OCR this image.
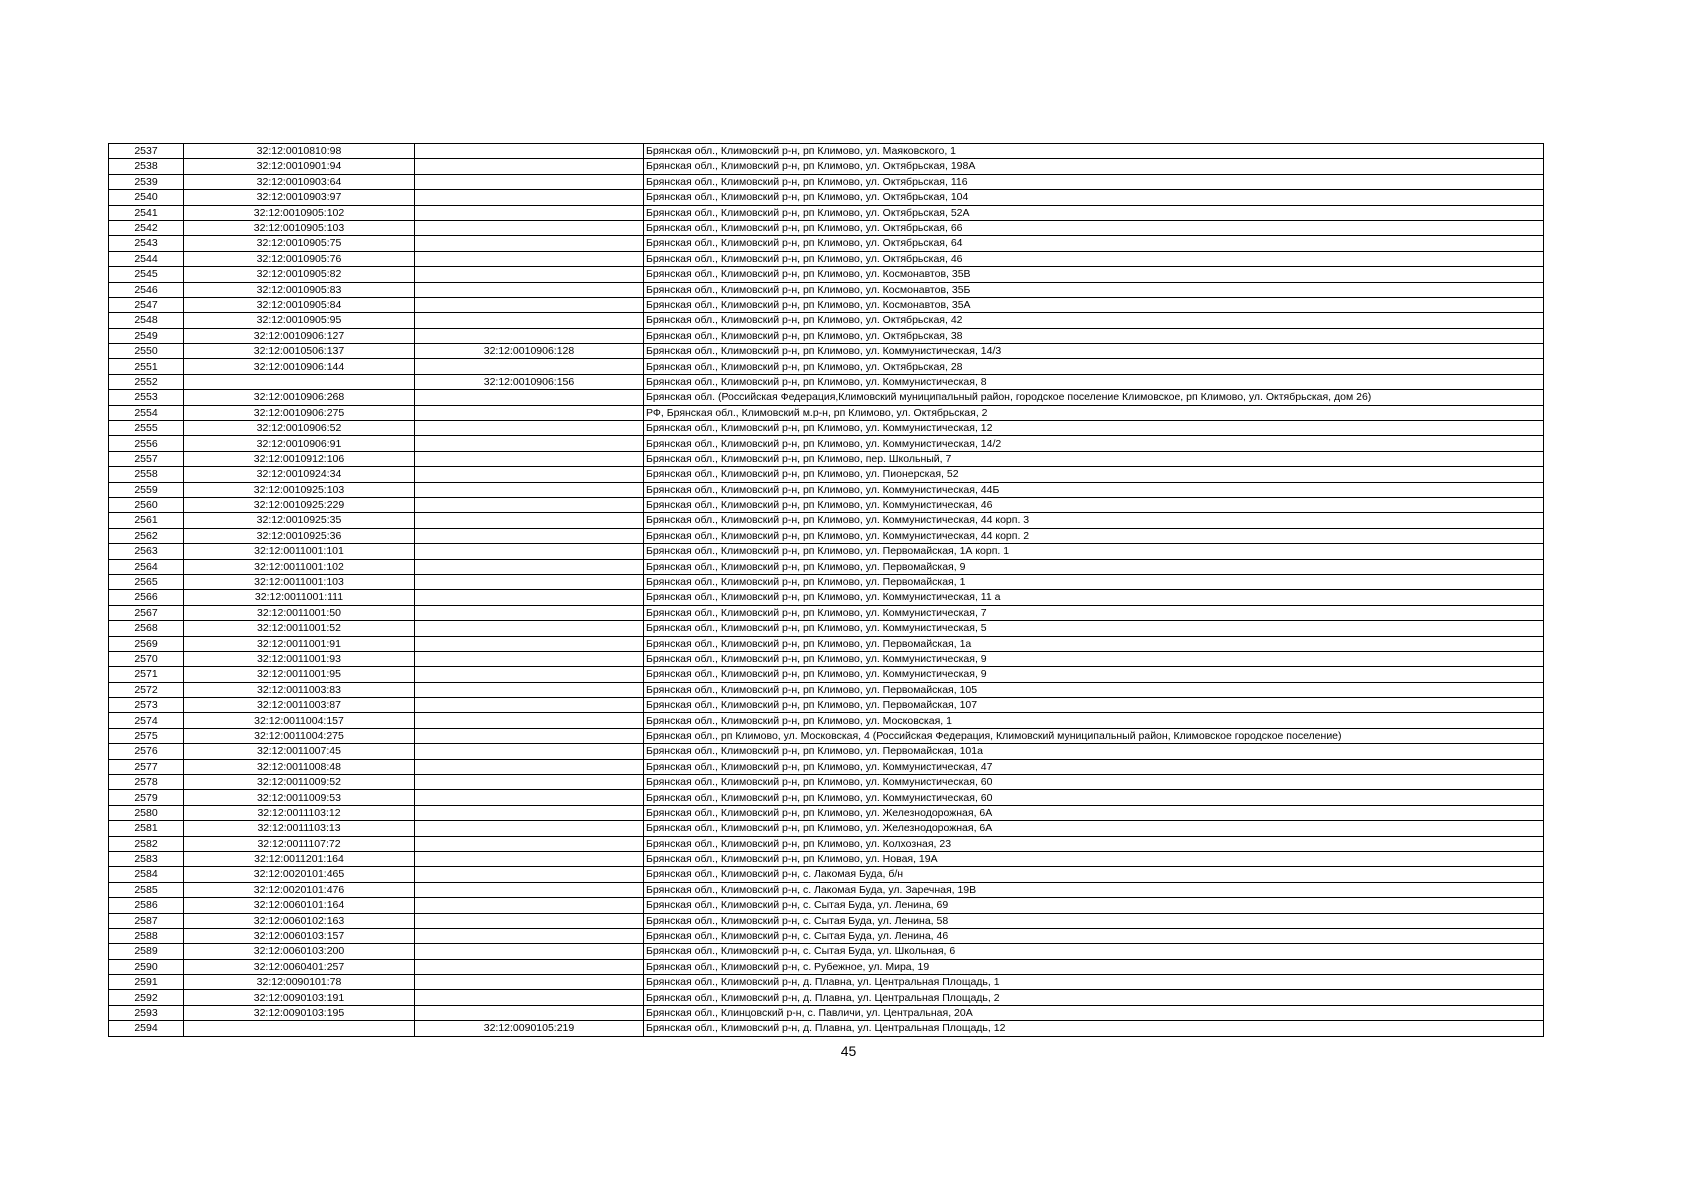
2537	32:12:0010810:98		Брянская обл., Климовский р-н, рп Климово, ул. Маяковского, 1
2538	32:12:0010901:94		Брянская обл., Климовский р-н, рп Климово, ул. Октябрьская, 198А
2539	32:12:0010903:64		Брянская обл., Климовский р-н, рп Климово, ул. Октябрьская, 116
2540	32:12:0010903:97		Брянская обл., Климовский р-н, рп Климово, ул. Октябрьская, 104
2541	32:12:0010905:102		Брянская обл., Климовский р-н, рп Климово, ул. Октябрьская, 52А
2542	32:12:0010905:103		Брянская обл., Климовский р-н, рп Климово, ул. Октябрьская, 66
2543	32:12:0010905:75		Брянская обл., Климовский р-н, рп Климово, ул. Октябрьская, 64
2544	32:12:0010905:76		Брянская обл., Климовский р-н, рп Климово, ул. Октябрьская, 46
2545	32:12:0010905:82		Брянская обл., Климовский р-н, рп Климово, ул. Космонавтов, 35В
2546	32:12:0010905:83		Брянская обл., Климовский р-н, рп Климово, ул. Космонавтов, 35Б
2547	32:12:0010905:84		Брянская обл., Климовский р-н, рп Климово, ул. Космонавтов, 35А
2548	32:12:0010905:95		Брянская обл., Климовский р-н, рп Климово, ул. Октябрьская, 42
2549	32:12:0010906:127		Брянская обл., Климовский р-н, рп Климово, ул. Октябрьская, 38
2550	32:12:0010506:137	32:12:0010906:128	Брянская обл., Климовский р-н, рп Климово, ул. Коммунистическая, 14/3
2551	32:12:0010906:144		Брянская обл., Климовский р-н, рп Климово, ул. Октябрьская, 28
2552		32:12:0010906:156	Брянская обл., Климовский р-н, рп Климово, ул. Коммунистическая, 8
2553	32:12:0010906:268		Брянская обл. (Российская Федерация,Климовский муниципальный район, городское поселение Климовское, рп Климово, ул. Октябрьская, дом 26)
2554	32:12:0010906:275		РФ, Брянская обл., Климовский м.р-н, рп Климово, ул. Октябрьская, 2
2555	32:12:0010906:52		Брянская обл., Климовский р-н, рп Климово, ул. Коммунистическая, 12
2556	32:12:0010906:91		Брянская обл., Климовский р-н, рп Климово, ул. Коммунистическая, 14/2
2557	32:12:0010912:106		Брянская обл., Климовский р-н, рп Климово, пер. Школьный, 7
2558	32:12:0010924:34		Брянская обл., Климовский р-н, рп Климово, ул. Пионерская, 52
2559	32:12:0010925:103		Брянская обл., Климовский р-н, рп Климово, ул. Коммунистическая, 44Б
2560	32:12:0010925:229		Брянская обл., Климовский р-н, рп Климово, ул. Коммунистическая, 46
2561	32:12:0010925:35		Брянская обл., Климовский р-н, рп Климово, ул. Коммунистическая, 44 корп. 3
2562	32:12:0010925:36		Брянская обл., Климовский р-н, рп Климово, ул. Коммунистическая, 44 корп. 2
2563	32:12:0011001:101		Брянская обл., Климовский р-н, рп Климово, ул. Первомайская, 1А корп. 1
2564	32:12:0011001:102		Брянская обл., Климовский р-н, рп Климово, ул. Первомайская, 9
2565	32:12:0011001:103		Брянская обл., Климовский р-н, рп Климово, ул. Первомайская, 1
2566	32:12:0011001:111		Брянская обл., Климовский р-н, рп Климово, ул. Коммунистическая, 11 а
2567	32:12:0011001:50		Брянская обл., Климовский р-н, рп Климово, ул. Коммунистическая, 7
2568	32:12:0011001:52		Брянская обл., Климовский р-н, рп Климово, ул. Коммунистическая, 5
2569	32:12:0011001:91		Брянская обл., Климовский р-н, рп Климово, ул. Первомайская, 1а
2570	32:12:0011001:93		Брянская обл., Климовский р-н, рп Климово, ул. Коммунистическая, 9
2571	32:12:0011001:95		Брянская обл., Климовский р-н, рп Климово, ул. Коммунистическая, 9
2572	32:12:0011003:83		Брянская обл., Климовский р-н, рп Климово, ул. Первомайская, 105
2573	32:12:0011003:87		Брянская обл., Климовский р-н, рп Климово, ул. Первомайская, 107
2574	32:12:0011004:157		Брянская обл., Климовский р-н, рп Климово, ул. Московская, 1
2575	32:12:0011004:275		Брянская обл., рп Климово, ул. Московская, 4 (Российская Федерация, Климовский муниципальный район, Климовское городское поселение)
2576	32:12:0011007:45		Брянская обл., Климовский р-н, рп Климово, ул. Первомайская, 101а
2577	32:12:0011008:48		Брянская обл., Климовский р-н, рп Климово, ул. Коммунистическая, 47
2578	32:12:0011009:52		Брянская обл., Климовский р-н, рп Климово, ул. Коммунистическая, 60
2579	32:12:0011009:53		Брянская обл., Климовский р-н, рп Климово, ул. Коммунистическая, 60
2580	32:12:0011103:12		Брянская обл., Климовский р-н, рп Климово, ул. Железнодорожная, 6А
2581	32:12:0011103:13		Брянская обл., Климовский р-н, рп Климово, ул. Железнодорожная, 6А
2582	32:12:0011107:72		Брянская обл., Климовский р-н, рп Климово, ул. Колхозная, 23
2583	32:12:0011201:164		Брянская обл., Климовский р-н, рп Климово, ул. Новая, 19А
2584	32:12:0020101:465		Брянская обл., Климовский р-н, с. Лакомая Буда, б/н
2585	32:12:0020101:476		Брянская обл., Климовский р-н, с. Лакомая Буда, ул. Заречная, 19В
2586	32:12:0060101:164		Брянская обл., Климовский р-н, с. Сытая Буда, ул. Ленина, 69
2587	32:12:0060102:163		Брянская обл., Климовский р-н, с. Сытая Буда, ул. Ленина, 58
2588	32:12:0060103:157		Брянская обл., Климовский р-н, с. Сытая Буда, ул. Ленина, 46
2589	32:12:0060103:200		Брянская обл., Климовский р-н, с. Сытая Буда, ул. Школьная, 6
2590	32:12:0060401:257		Брянская обл., Климовский р-н, с. Рубежное, ул. Мира, 19
2591	32:12:0090101:78		Брянская обл., Климовский р-н, д. Плавна, ул. Центральная Площадь, 1
2592	32:12:0090103:191		Брянская обл., Климовский р-н, д. Плавна, ул. Центральная Площадь, 2
2593	32:12:0090103:195		Брянская обл., Клинцовский р-н, с. Павличи, ул. Центральная, 20А
2594		32:12:0090105:219	Брянская обл., Климовский р-н, д. Плавна, ул. Центральная Площадь, 12
45
